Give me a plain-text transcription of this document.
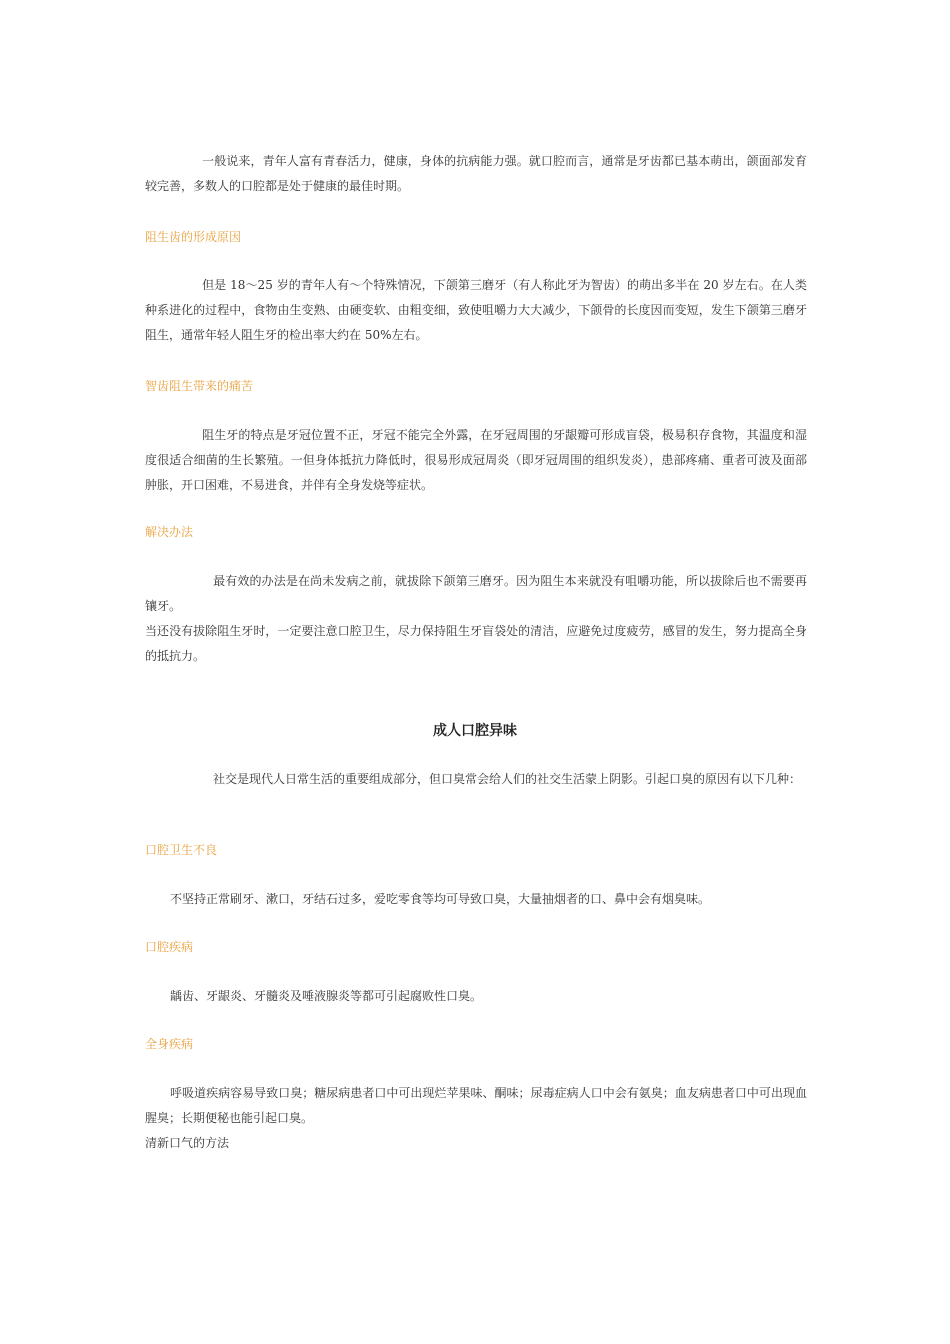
一般说来，青年人富有青春活力，健康，身体的抗病能力强。就口腔而言，通常是牙齿都已基本萌出，颌面部发育较完善，多数人的口腔都是处于健康的最佳时期。

阻生齿的形成原因

但是 18～25 岁的青年人有～个特殊情况，下颌第三磨牙（有人称此牙为智齿）的萌出多半在 20 岁左右。在人类种系进化的过程中，食物由生变熟、由硬变软、由粗变细，致使咀嚼力大大减少，下颌骨的长度因而变短，发生下颌第三磨牙阻生，通常年轻人阻生牙的检出率大约在 50%左右。

智齿阻生带来的痛苦

阻生牙的特点是牙冠位置不正，牙冠不能完全外露，在牙冠周围的牙龈瓣可形成盲袋，极易积存食物，其温度和湿度很适合细菌的生长繁殖。一但身体抵抗力降低时，很易形成冠周炎（即牙冠周围的组织发炎），患部疼痛、重者可波及面部肿胀，开口困难，不易进食，并伴有全身发烧等症状。

解决办法

最有效的办法是在尚未发病之前，就拔除下颌第三磨牙。因为阻生本来就没有咀嚼功能，所以拔除后也不需要再镶牙。
当还没有拔除阻生牙时，一定要注意口腔卫生，尽力保持阻生牙盲袋处的清洁，应避免过度疲劳，感冒的发生，努力提高全身的抵抗力。

成人口腔异味

社交是现代人日常生活的重要组成部分，但口臭常会给人们的社交生活蒙上阴影。引起口臭的原因有以下几种：

口腔卫生不良

不坚持正常刷牙、漱口，牙结石过多，爱吃零食等均可导致口臭，大量抽烟者的口、鼻中会有烟臭味。

口腔疾病

龋齿、牙龈炎、牙髓炎及唾液腺炎等都可引起腐败性口臭。

全身疾病

呼吸道疾病容易导致口臭；糖尿病患者口中可出现烂苹果味、酮味；尿毒症病人口中会有氨臭；血友病患者口中可出现血腥臭；长期便秘也能引起口臭。
清新口气的方法
